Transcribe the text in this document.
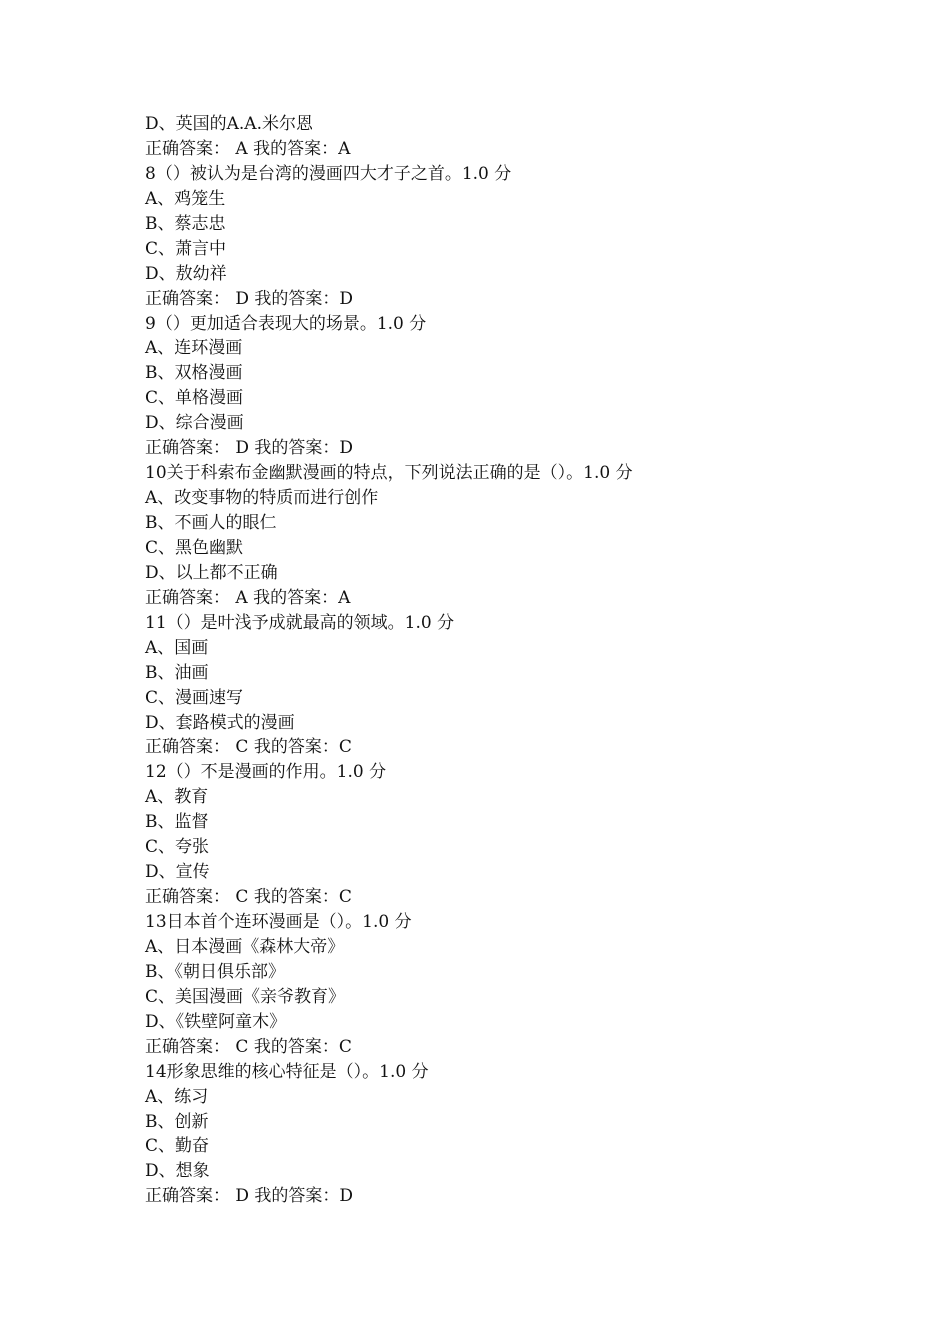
D、英国的A.A.米尔恩
正确答案： A 我的答案：A
8（）被认为是台湾的漫画四大才子之首。1.0 分
A、鸡笼生
B、蔡志忠
C、萧言中
D、敖幼祥
正确答案： D 我的答案：D
9（）更加适合表现大的场景。1.0 分
A、连环漫画
B、双格漫画
C、单格漫画
D、综合漫画
正确答案： D 我的答案：D
10关于科索布金幽默漫画的特点，下列说法正确的是（）。1.0 分
A、改变事物的特质而进行创作
B、不画人的眼仁
C、黑色幽默
D、以上都不正确
正确答案： A 我的答案：A
11（）是叶浅予成就最高的领域。1.0 分
A、国画
B、油画
C、漫画速写
D、套路模式的漫画
正确答案： C 我的答案：C
12（）不是漫画的作用。1.0 分
A、教育
B、监督
C、夸张
D、宣传
正确答案： C 我的答案：C
13日本首个连环漫画是（）。1.0 分
A、日本漫画《森林大帝》
B、《朝日俱乐部》
C、美国漫画《亲爷教育》
D、《铁壁阿童木》
正确答案： C 我的答案：C
14形象思维的核心特征是（）。1.0 分
A、练习
B、创新
C、勤奋
D、想象
正确答案： D 我的答案：D
